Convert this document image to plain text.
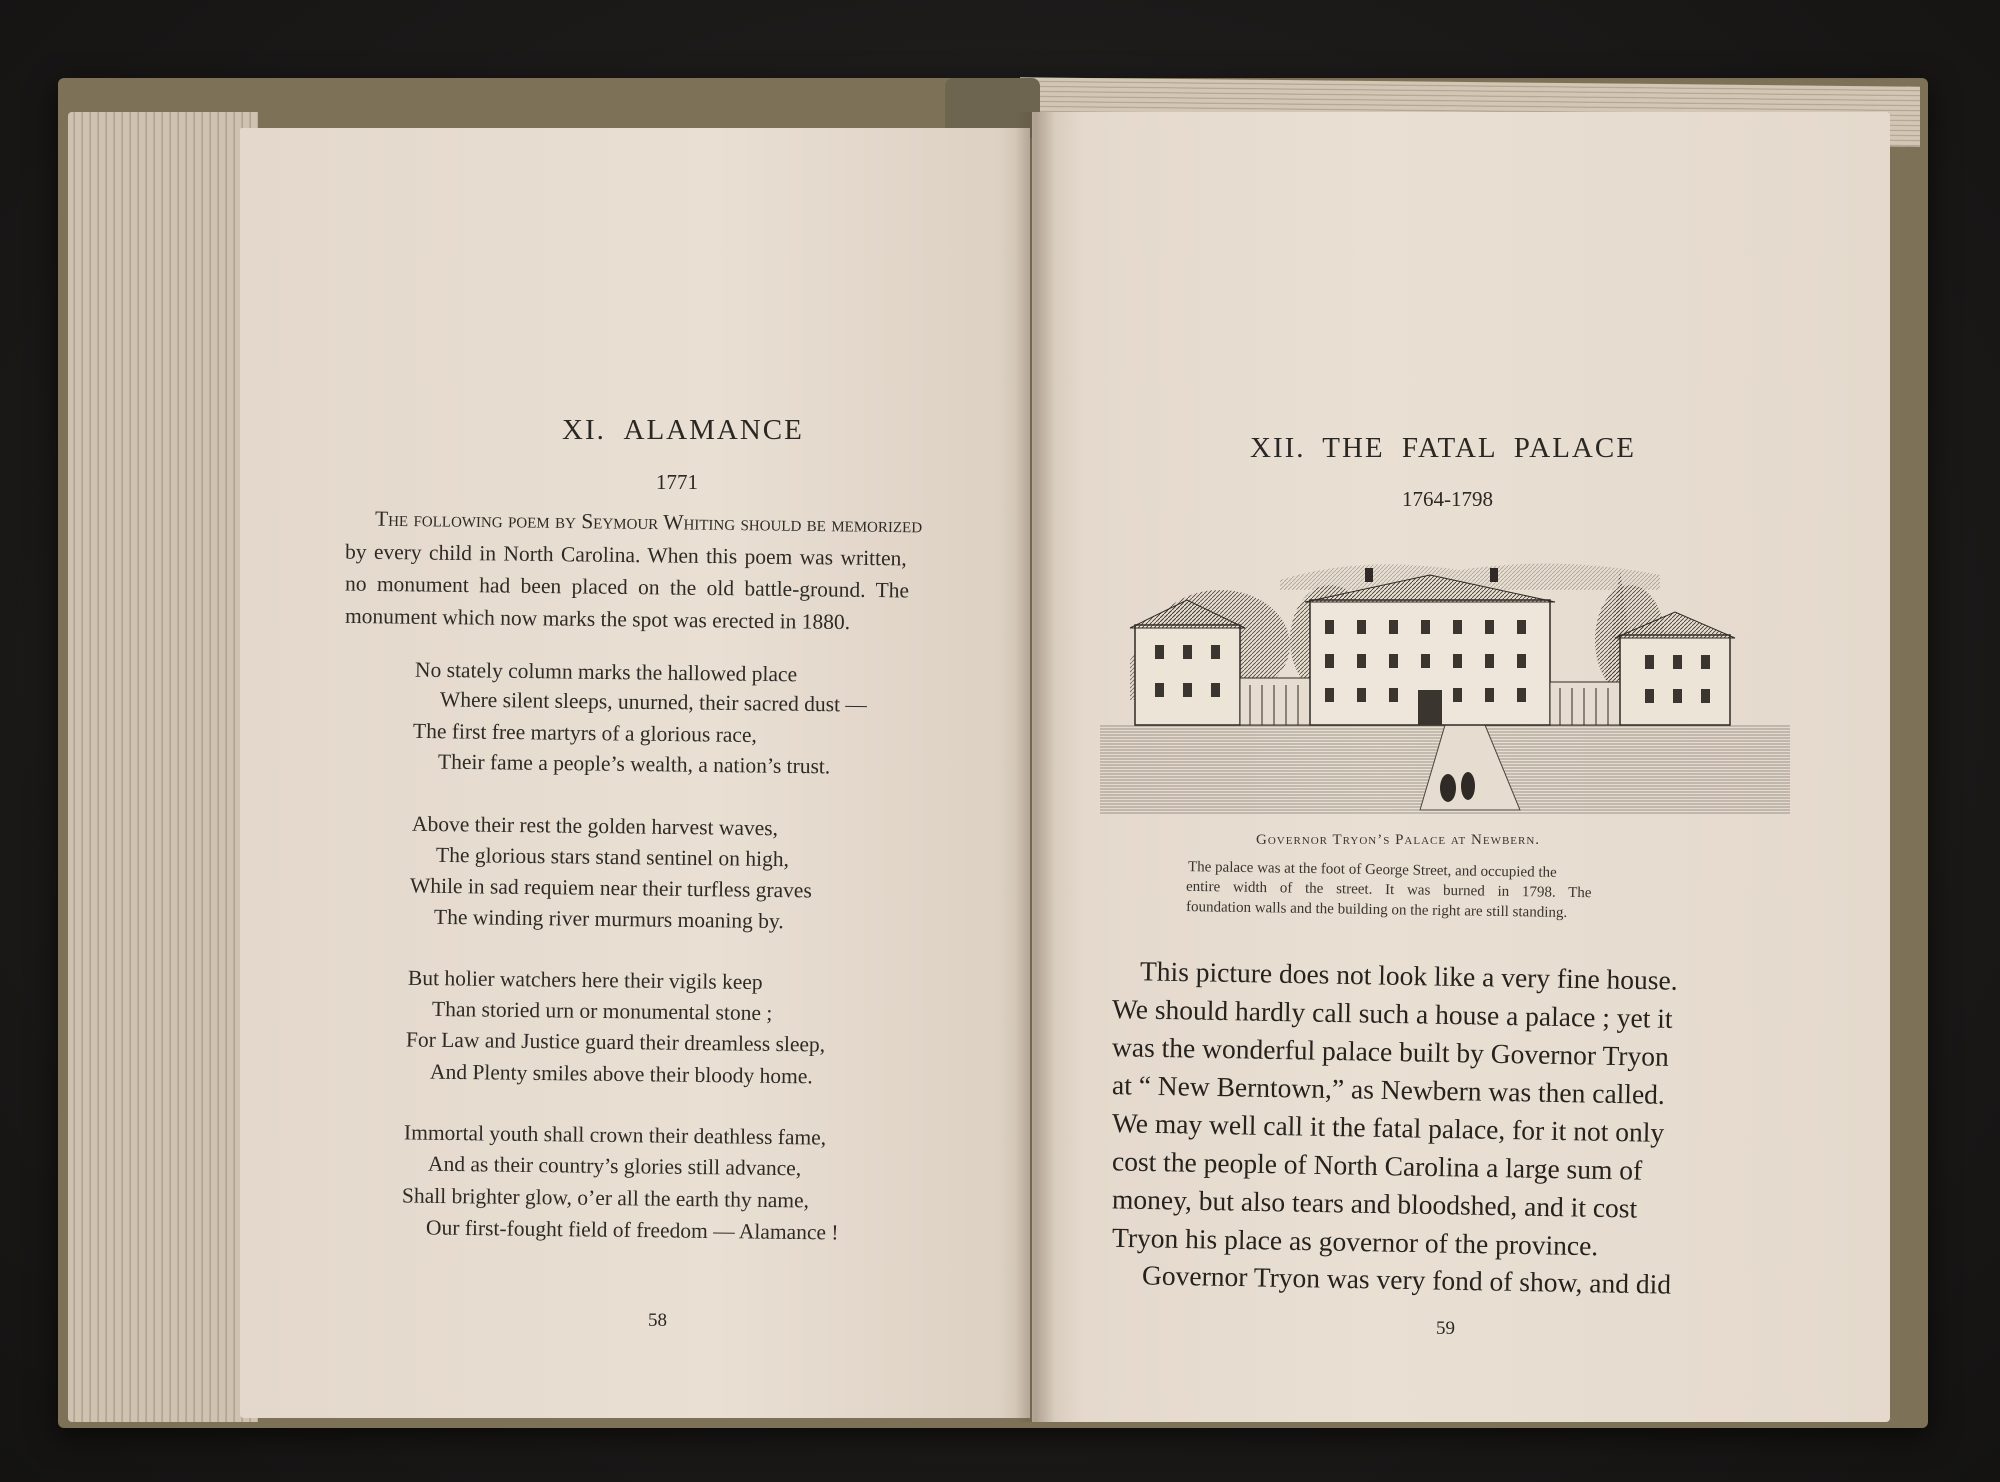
XI. ALAMANCE
1771
The following poem by Seymour Whiting should be memorized
by every child in North Carolina. When this poem was written,
no monument had been placed on the old battle-ground. The
monument which now marks the spot was erected in 1880.
No stately column marks the hallowed place
Where silent sleeps, unurned, their sacred dust —
The first free martyrs of a glorious race,
Their fame a people’s wealth, a nation’s trust.
Above their rest the golden harvest waves,
The glorious stars stand sentinel on high,
While in sad requiem near their turfless graves
The winding river murmurs moaning by.
But holier watchers here their vigils keep
Than storied urn or monumental stone ;
For Law and Justice guard their dreamless sleep,
And Plenty smiles above their bloody home.
Immortal youth shall crown their deathless fame,
And as their country’s glories still advance,
Shall brighter glow, o’er all the earth thy name,
Our first-fought field of freedom — Alamance !
58
XII. THE FATAL PALACE
1764-1798
Governor Tryon’s Palace at Newbern.
The palace was at the foot of George Street, and occupied the
entire width of the street. It was burned in 1798. The
foundation walls and the building on the right are still standing.
This picture does not look like a very fine house.
We should hardly call such a house a palace ; yet it
was the wonderful palace built by Governor Tryon
at “ New Berntown,” as Newbern was then called.
We may well call it the fatal palace, for it not only
cost the people of North Carolina a large sum of
money, but also tears and bloodshed, and it cost
Tryon his place as governor of the province.
Governor Tryon was very fond of show, and did
59
